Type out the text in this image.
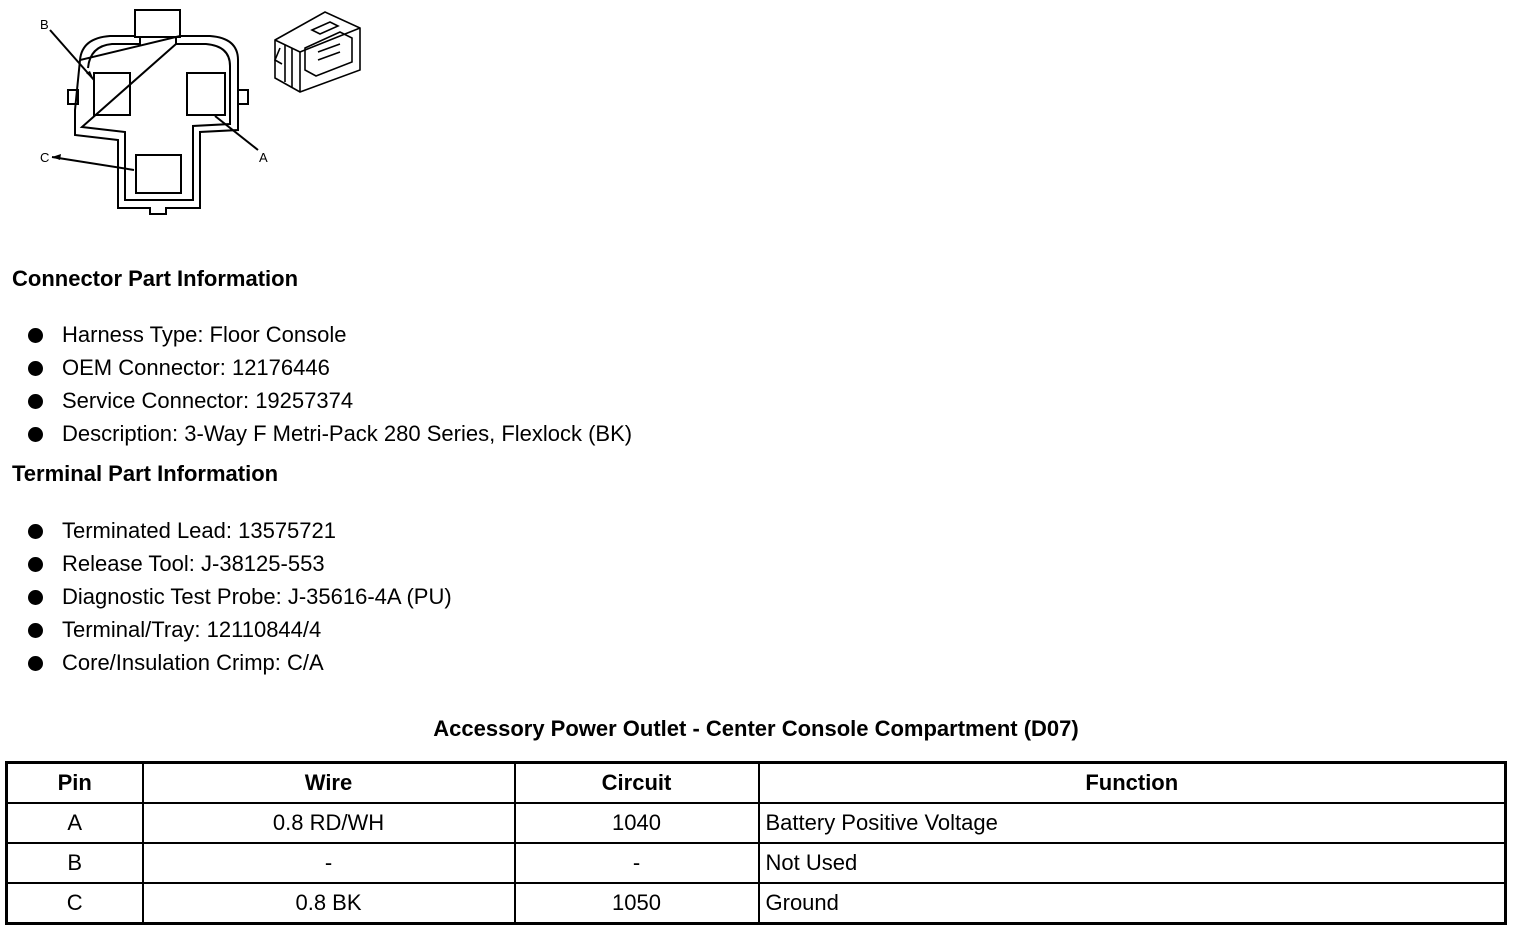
B
A
C
Connector Part Information
Harness Type: Floor Console
OEM Connector: 12176446
Service Connector: 19257374
Description: 3-Way F Metri-Pack 280 Series, Flexlock (BK)
Terminal Part Information
Terminated Lead: 13575721
Release Tool: J-38125-553
Diagnostic Test Probe: J-35616-4A (PU)
Terminal/Tray: 12110844/4
Core/Insulation Crimp: C/A
Accessory Power Outlet - Center Console Compartment (D07)
Pin	Wire	Circuit	Function
A	0.8 RD/WH	1040	Battery Positive Voltage
B	-	-	Not Used
C	0.8 BK	1050	Ground
